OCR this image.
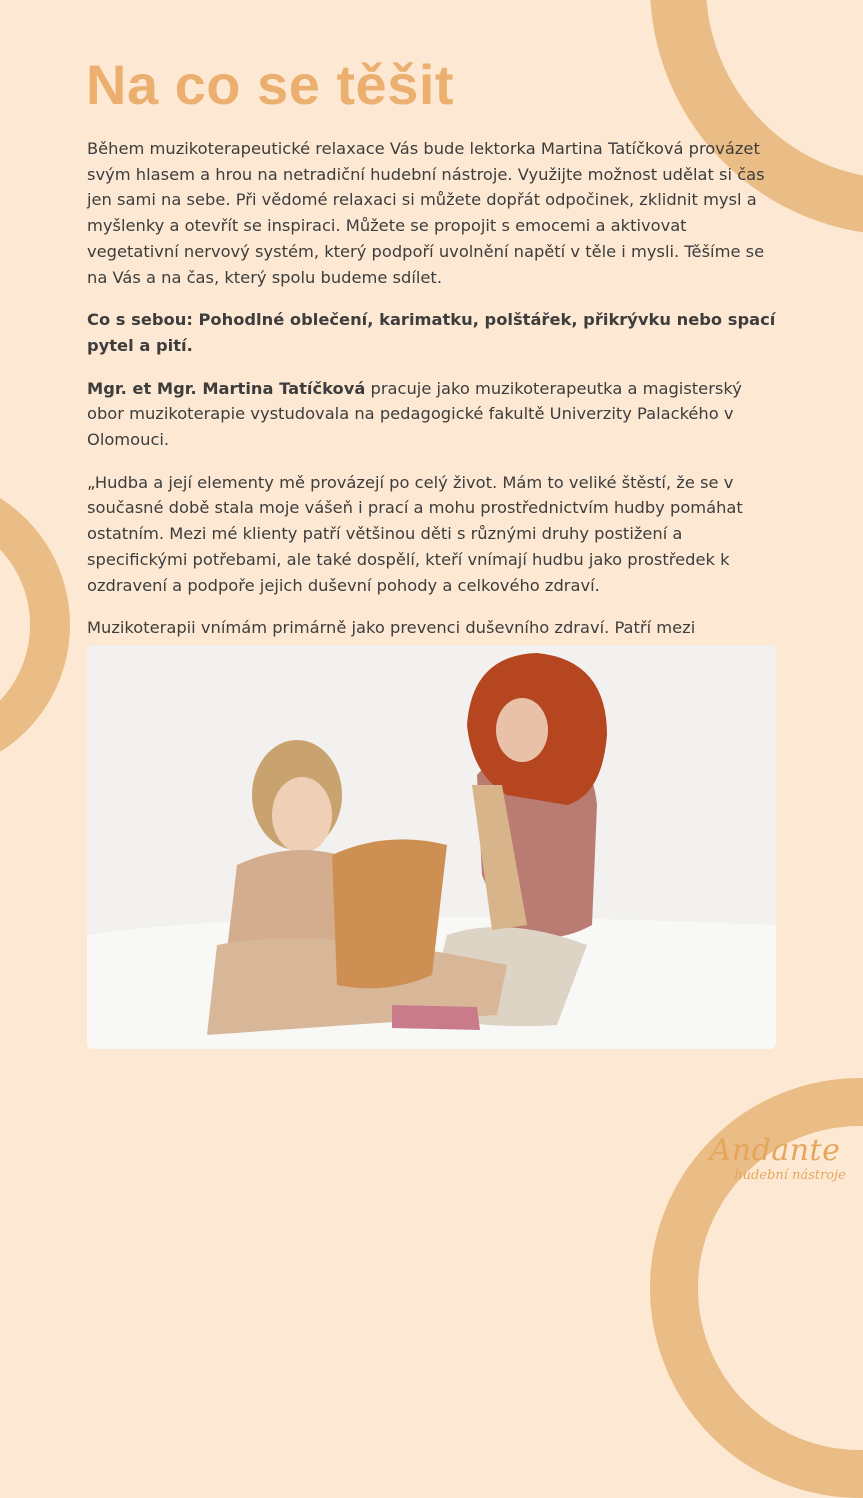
Na co se těšit

Během muzikoterapeutické relaxace Vás bude lektorka Martina Tatíčková provázet svým hlasem a hrou na netradiční hudební nástroje. Využijte možnost udělat si čas jen sami na sebe. Při vědomé relaxaci si můžete dopřát odpočinek, zklidnit mysl a myšlenky a otevřít se inspiraci. Můžete se propojit s emocemi a aktivovat vegetativní nervový systém, který podpoří uvolnění napětí v těle i mysli. Těšíme se na Vás a na čas, který spolu budeme sdílet.

Co s sebou: Pohodlné oblečení, karimatku, polštářek, přikrývku nebo spací pytel a pití.

Mgr. et Mgr. Martina Tatíčková pracuje jako muzikoterapeutka a magisterský obor muzikoterapie vystudovala na pedagogické fakultě Univerzity Palackého v Olomouci.

„Hudba a její elementy mě provázejí po celý život. Mám to veliké štěstí, že se v současné době stala moje vášeň i prací a mohu prostřednictvím hudby pomáhat ostatním. Mezi mé klienty patří většinou děti s různými druhy postižení a specifickými potřebami, ale také dospělí, kteří vnímají hudbu jako prostředek k ozdravení a podpoře jejich duševní pohody a celkového zdraví.

Muzikoterapii vnímám primárně jako prevenci duševního zdraví. Patří mezi

Andante
hudební nástroje
